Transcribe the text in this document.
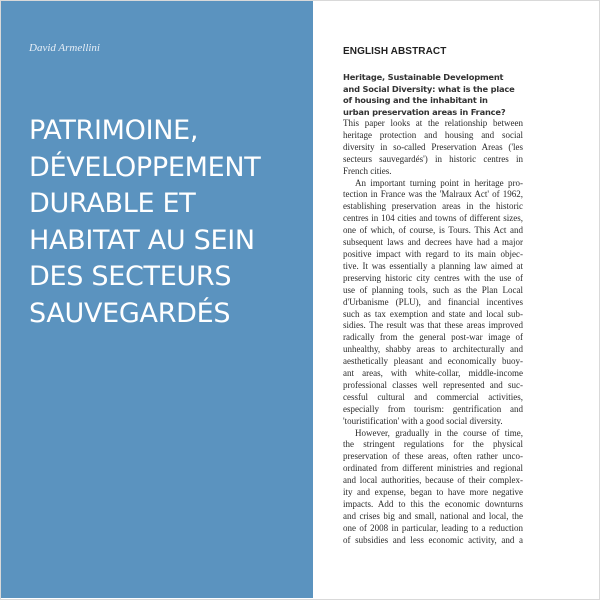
David Armellini
PATRIMOINE,
DÉVELOPPEMENT
DURABLE ET
HABITAT AU SEIN
DES SECTEURS
SAUVEGARDÉS
ENGLISH ABSTRACT
Heritage, Sustainable Development
and Social Diversity: what is the place
of housing and the inhabitant in
urban preservation areas in France?
This paper looks at the relationship between
heritage protection and housing and social
diversity in so-called Preservation Areas ('les
secteurs sauvegardés') in historic centres in
French cities.
An important turning point in heritage pro-
tection in France was the 'Malraux Act' of 1962,
establishing preservation areas in the historic
centres in 104 cities and towns of different sizes,
one of which, of course, is Tours. This Act and
subsequent laws and decrees have had a major
positive impact with regard to its main objec-
tive. It was essentially a planning law aimed at
preserving historic city centres with the use of
use of planning tools, such as the Plan Local
d'Urbanisme (PLU), and financial incentives
such as tax exemption and state and local sub-
sidies. The result was that these areas improved
radically from the general post-war image of
unhealthy, shabby areas to architecturally and
aesthetically pleasant and economically buoy-
ant areas, with white-collar, middle-income
professional classes well represented and suc-
cessful cultural and commercial activities,
especially from tourism: gentrification and
'touristification' with a good social diversity.
However, gradually in the course of time,
the stringent regulations for the physical
preservation of these areas, often rather unco-
ordinated from different ministries and regional
and local authorities, because of their complex-
ity and expense, began to have more negative
impacts. Add to this the economic downturns
and crises big and small, national and local, the
one of 2008 in particular, leading to a reduction
of subsidies and less economic activity, and a
